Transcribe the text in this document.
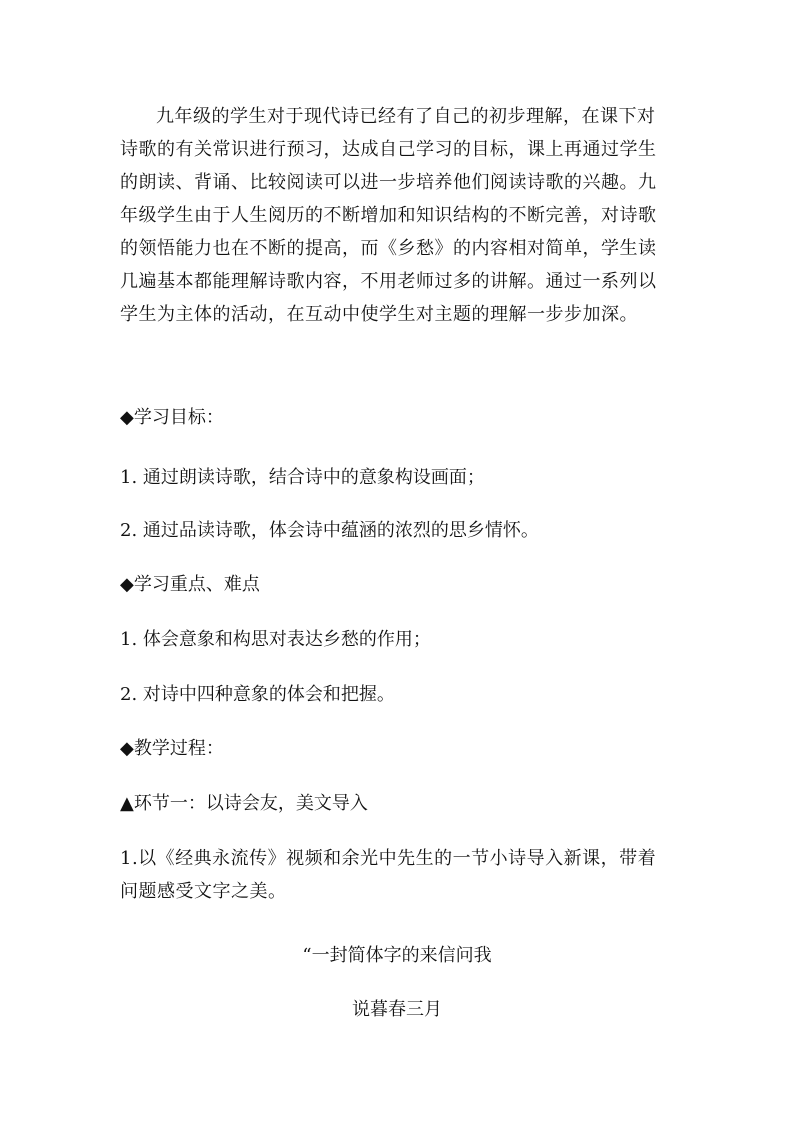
九年级的学生对于现代诗已经有了自己的初步理解，在课下对诗歌的有关常识进行预习，达成自己学习的目标，课上再通过学生的朗读、背诵、比较阅读可以进一步培养他们阅读诗歌的兴趣。九年级学生由于人生阅历的不断增加和知识结构的不断完善，对诗歌的领悟能力也在不断的提高，而《乡愁》的内容相对简单，学生读几遍基本都能理解诗歌内容，不用老师过多的讲解。通过一系列以学生为主体的活动，在互动中使学生对主题的理解一步步加深。

◆学习目标：
1. 通过朗读诗歌，结合诗中的意象构设画面；
2. 通过品读诗歌，体会诗中蕴涵的浓烈的思乡情怀。
◆学习重点、难点
1. 体会意象和构思对表达乡愁的作用；
2. 对诗中四种意象的体会和把握。
◆教学过程：
▲环节一：以诗会友，美文导入

1.以《经典永流传》视频和余光中先生的一节小诗导入新课，带着问题感受文字之美。

“一封简体字的来信问我
说暮春三月
